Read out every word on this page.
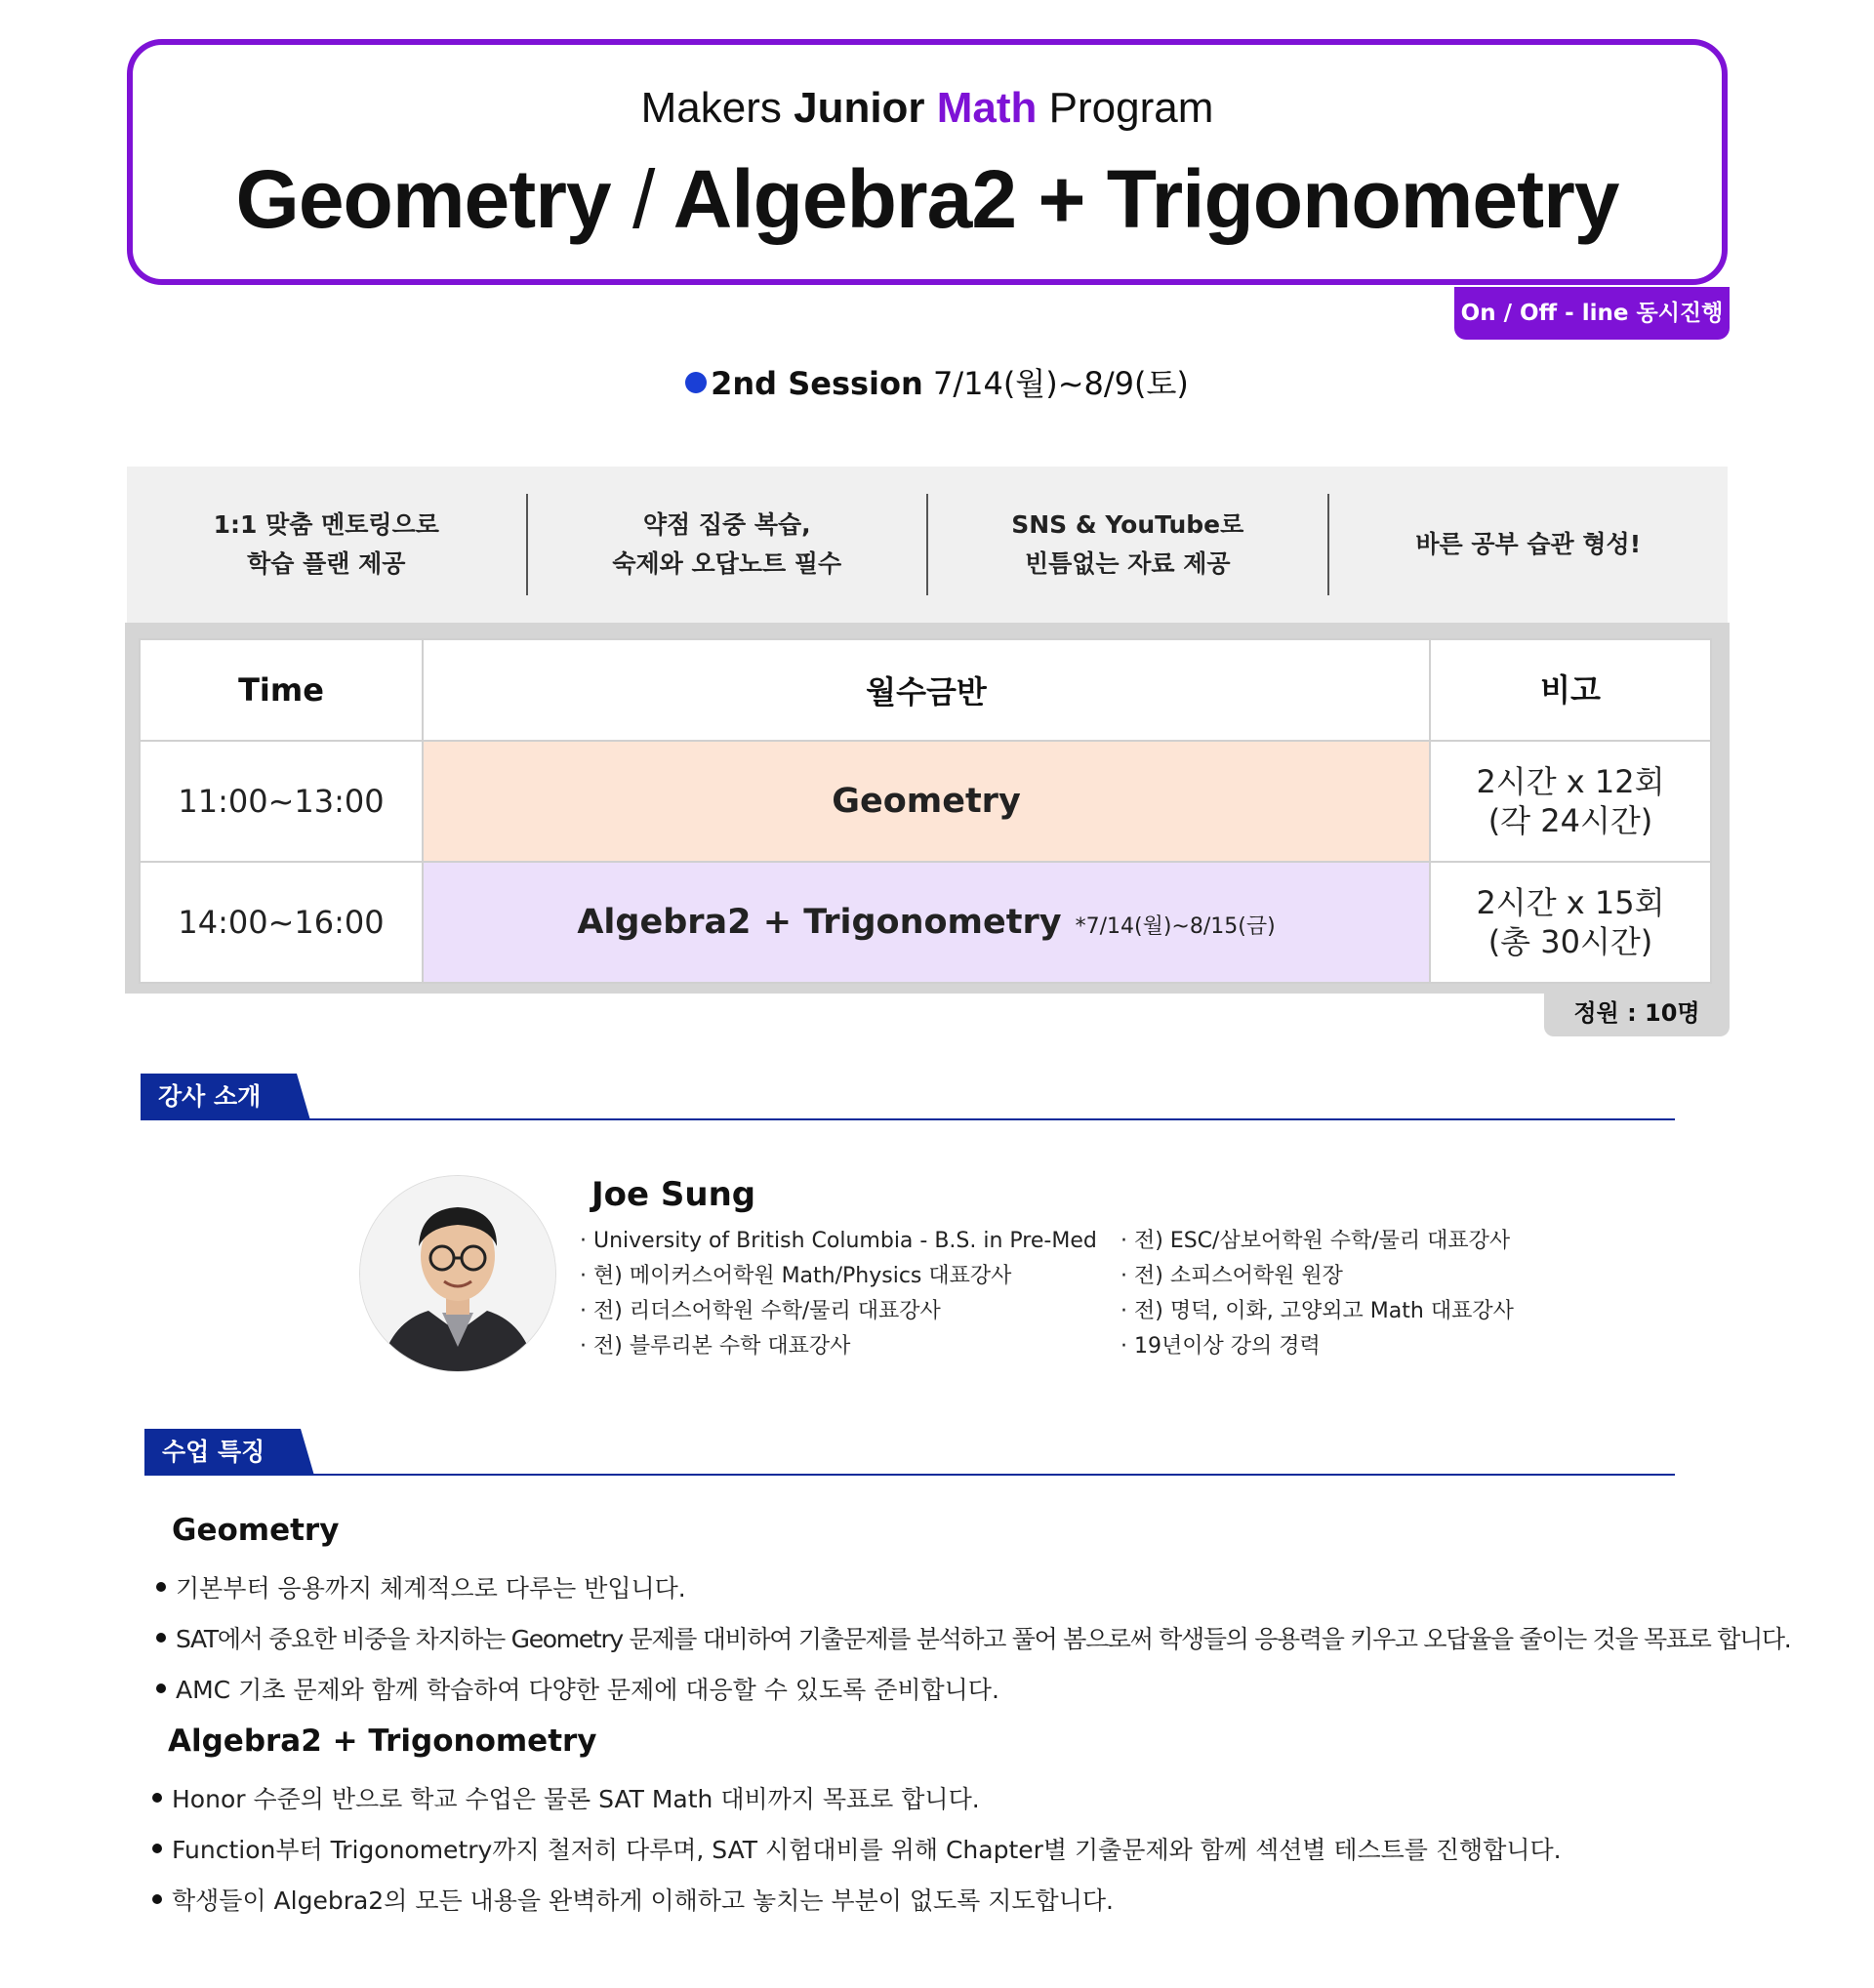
Makers Junior Math Program
Geometry / Algebra2 + Trigonometry
On / Off - line 동시진행
2nd Session 7/14(월)~8/9(토)
1:1 맞춤 멘토링으로
학습 플랜 제공
약점 집중 복습,
숙제와 오답노트 필수
SNS & YouTube로
빈틈없는 자료 제공
바른 공부 습관 형성!
Time	월수금반	비고
11:00~13:00	Geometry	2시간 x 12회
(각 24시간)

14:00~16:00	Algebra2 + Trigonometry *7/14(월)~8/15(금)	2시간 x 15회
(총 30시간)
정원 : 10명
강사 소개
Joe Sung
· University of British Columbia - B.S. in Pre-Med
· 현) 메이커스어학원 Math/Physics 대표강사
· 전) 리더스어학원 수학/물리 대표강사
· 전) 블루리본 수학 대표강사
· 전) ESC/삼보어학원 수학/물리 대표강사
· 전) 소피스어학원 원장
· 전) 명덕, 이화, 고양외고 Math 대표강사
· 19년이상 강의 경력
수업 특징
Geometry
기본부터 응용까지 체계적으로 다루는 반입니다.
SAT에서 중요한 비중을 차지하는 Geometry 문제를 대비하여 기출문제를 분석하고 풀어 봄으로써 학생들의 응용력을 키우고 오답율을 줄이는 것을 목표로 합니다.
AMC 기초 문제와 함께 학습하여 다양한 문제에 대응할 수 있도록 준비합니다.
Algebra2 + Trigonometry
Honor 수준의 반으로 학교 수업은 물론 SAT Math 대비까지 목표로 합니다.
Function부터 Trigonometry까지 철저히 다루며, SAT 시험대비를 위해 Chapter별 기출문제와 함께 섹션별 테스트를 진행합니다.
학생들이 Algebra2의 모든 내용을 완벽하게 이해하고 놓치는 부분이 없도록 지도합니다.
